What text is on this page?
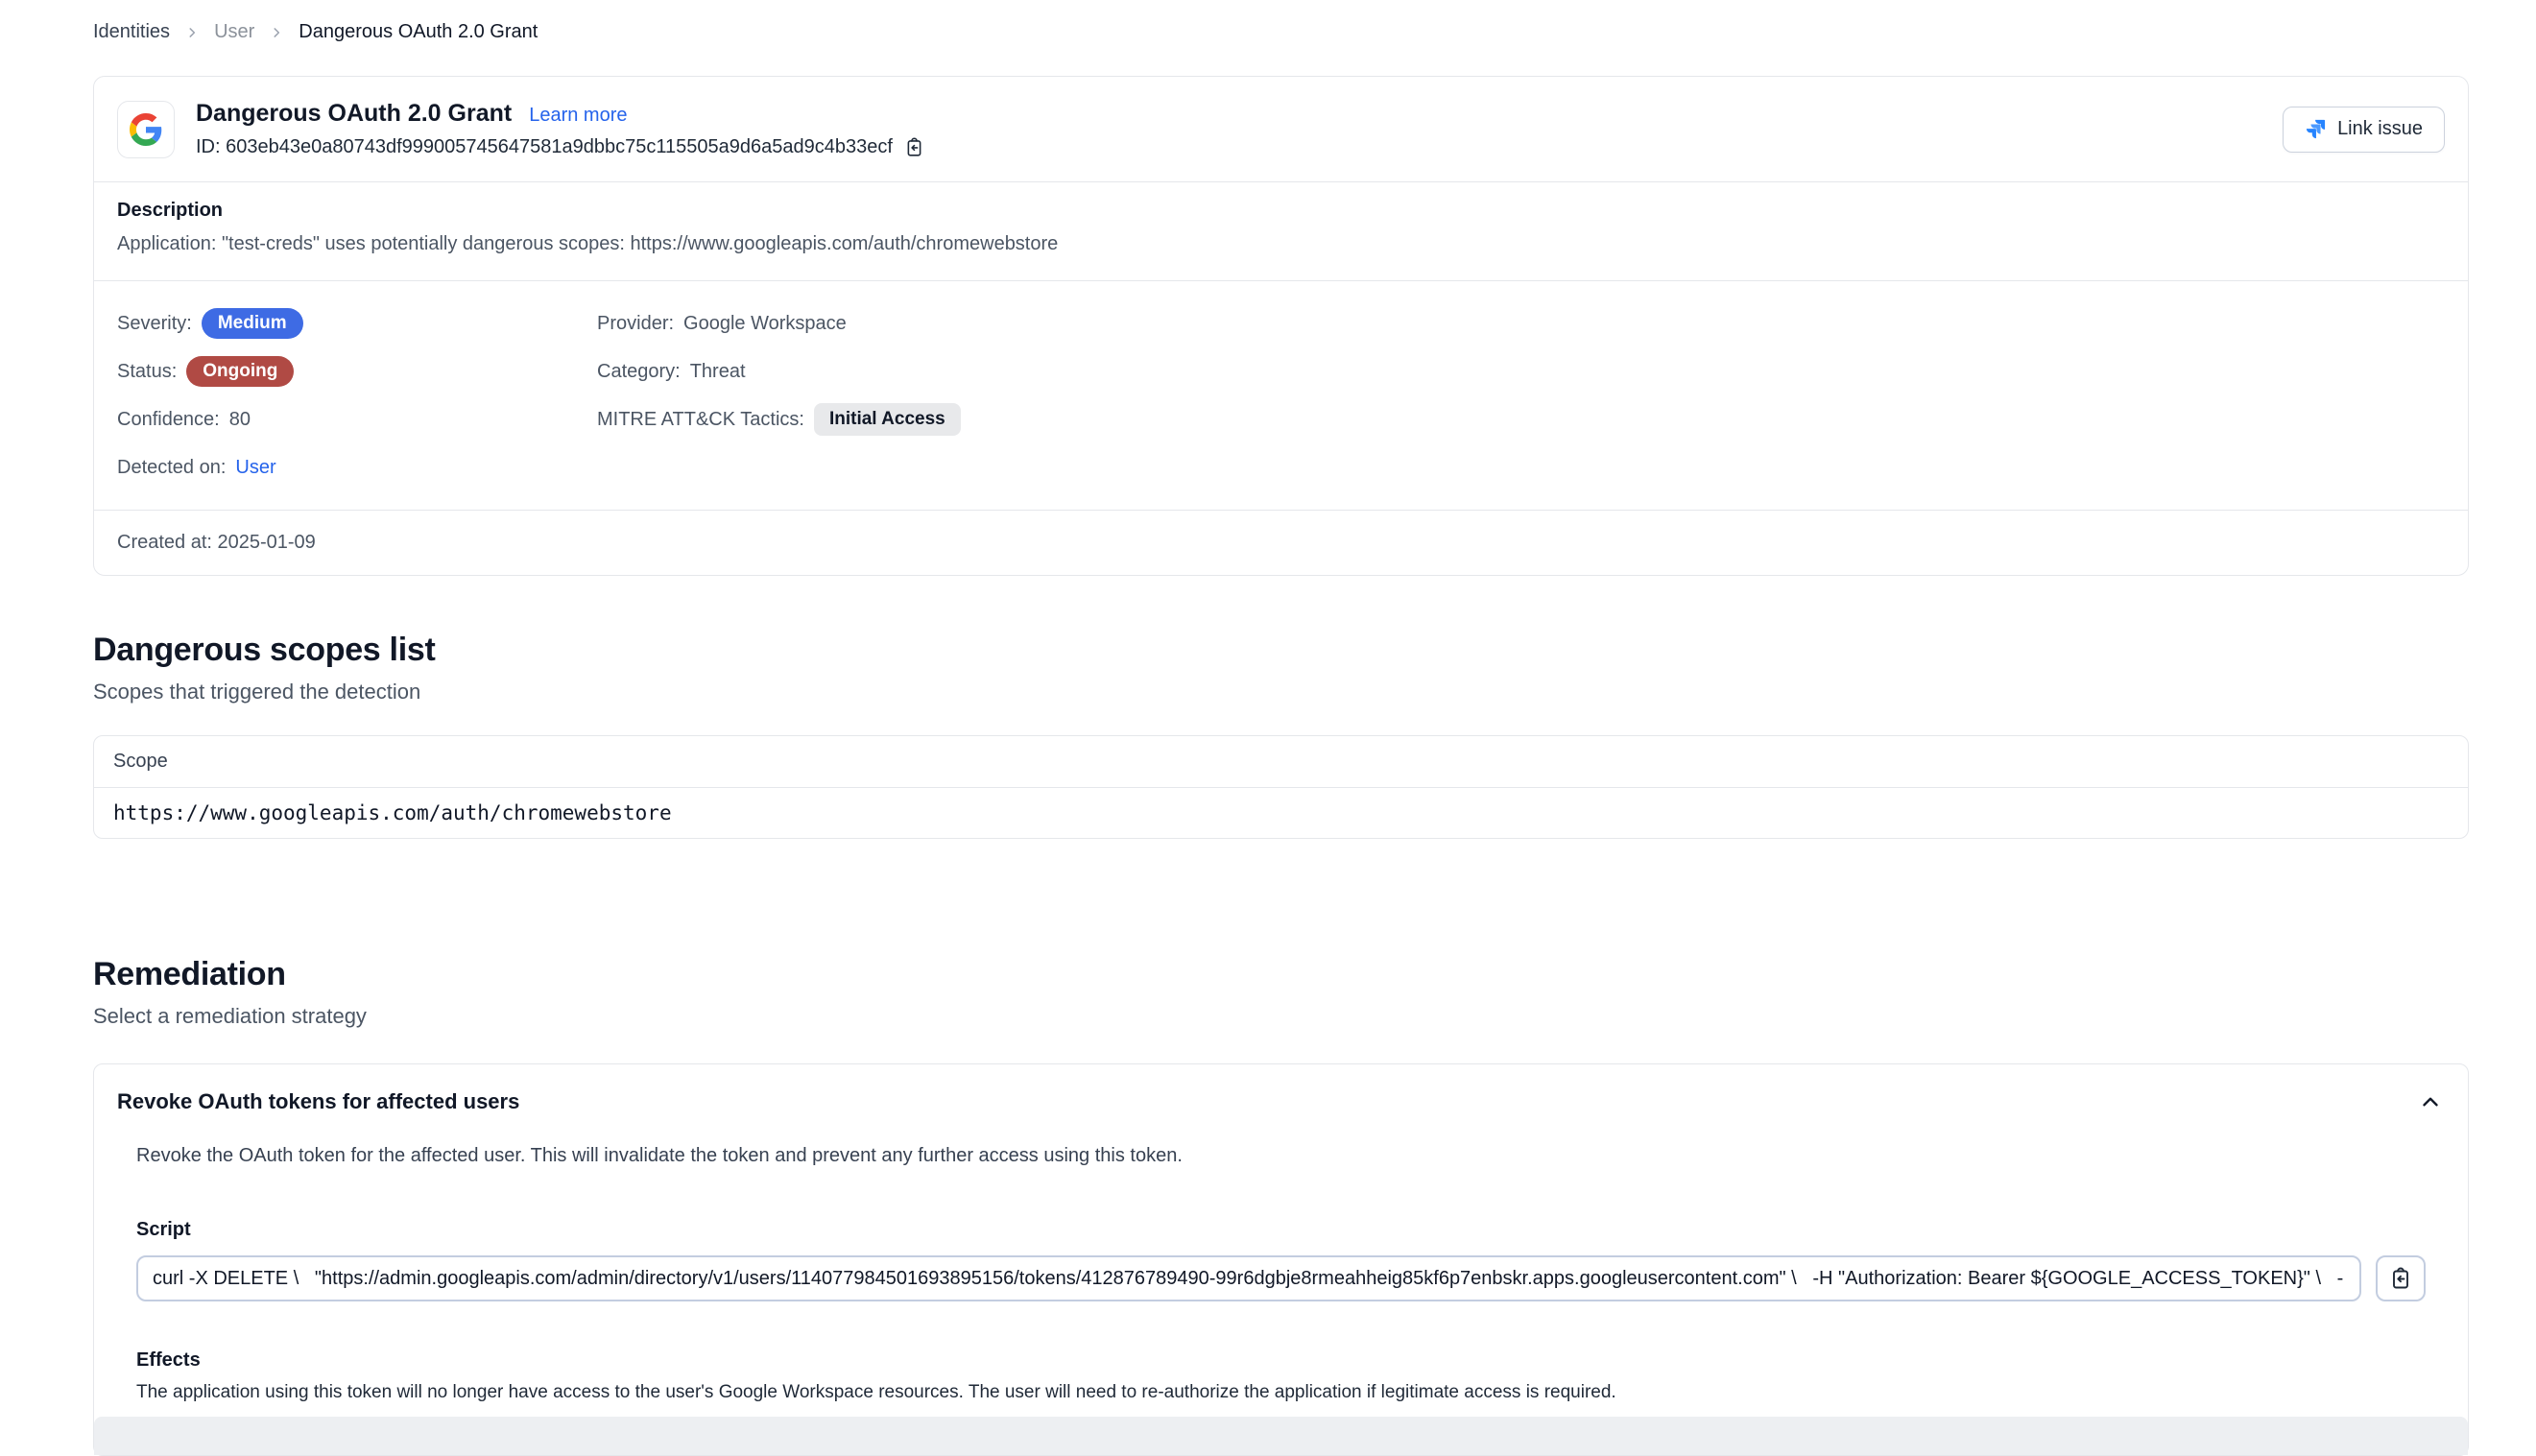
Identities User Dangerous OAuth 2.0 Grant
Dangerous OAuth 2.0 Grant Learn more
ID: 603eb43e0a80743df999005745647581a9dbbc75c115505a9d6a5ad9c4b33ecf
Link issue
Description
Application: "test-creds" uses potentially dangerous scopes: https://www.googleapis.com/auth/chromewebstore
Severity:	Medium	Provider: Google Workspace
Status:	Ongoing	Category: Threat
Confidence: 80	MITRE ATT&CK Tactics:	Initial Access
Detected on: User
Created at: 2025-01-09
Dangerous scopes list
Scopes that triggered the detection
Scope
https://www.googleapis.com/auth/chromewebstore
Remediation
Select a remediation strategy
Revoke OAuth tokens for affected users
Revoke the OAuth token for the affected user. This will invalidate the token and prevent any further access using this token.
Script
curl -X DELETE \ "https://admin.googleapis.com/admin/directory/v1/users/114077984501693895156/tokens/412876789490-99r6dgbje8rmeahheig85kf6p7enbskr.apps.googleusercontent.com" \ -H "Authorization: Bearer ${GOOGLE_ACCESS_TOKEN}" \ -H "Acce
Effects
The application using this token will no longer have access to the user's Google Workspace resources. The user will need to re-authorize the application if legitimate access is required.
